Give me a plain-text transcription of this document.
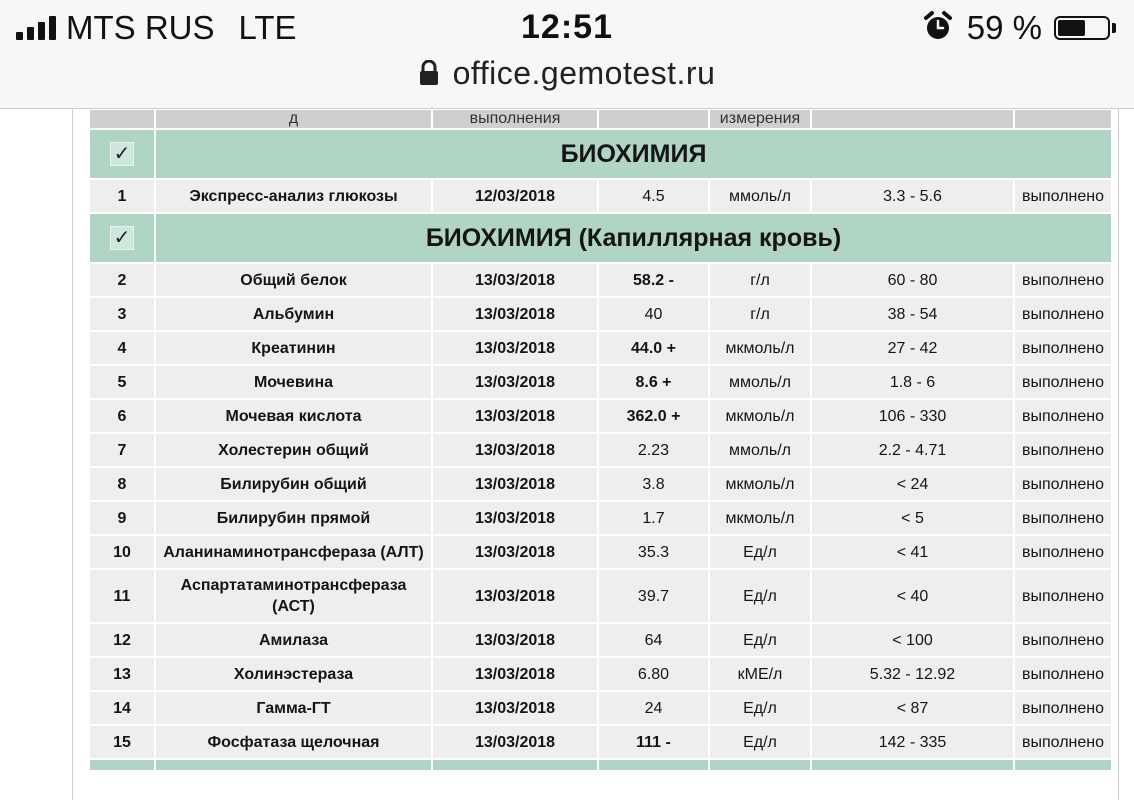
MTS RUS LTE	12:51	59 %
office.gemotest.ru
	д	выполнения		измерения		
✓	БИОХИМИЯ					
1	Экспресс-анализ глюкозы	12/03/2018	4.5	ммоль/л	3.3 - 5.6	выполнено
✓	БИОХИМИЯ (Капиллярная кровь)					
2	Общий белок	13/03/2018	58.2 -	г/л	60 - 80	выполнено
3	Альбумин	13/03/2018	40	г/л	38 - 54	выполнено
4	Креатинин	13/03/2018	44.0 +	мкмоль/л	27 - 42	выполнено
5	Мочевина	13/03/2018	8.6 +	ммоль/л	1.8 - 6	выполнено
6	Мочевая кислота	13/03/2018	362.0 +	мкмоль/л	106 - 330	выполнено
7	Холестерин общий	13/03/2018	2.23	ммоль/л	2.2 - 4.71	выполнено
8	Билирубин общий	13/03/2018	3.8	мкмоль/л	< 24	выполнено
9	Билирубин прямой	13/03/2018	1.7	мкмоль/л	< 5	выполнено
10	Аланинаминотрансфераза (АЛТ)	13/03/2018	35.3	Ед/л	< 41	выполнено
11	Аспартатаминотрансфераза (АСТ)	13/03/2018	39.7	Ед/л	< 40	выполнено
12	Амилаза	13/03/2018	64	Ед/л	< 100	выполнено
13	Холинэстераза	13/03/2018	6.80	кМЕ/л	5.32 - 12.92	выполнено
14	Гамма-ГТ	13/03/2018	24	Ед/л	< 87	выполнено
15	Фосфатаза щелочная	13/03/2018	111 -	Ед/л	142 - 335	выполнено
